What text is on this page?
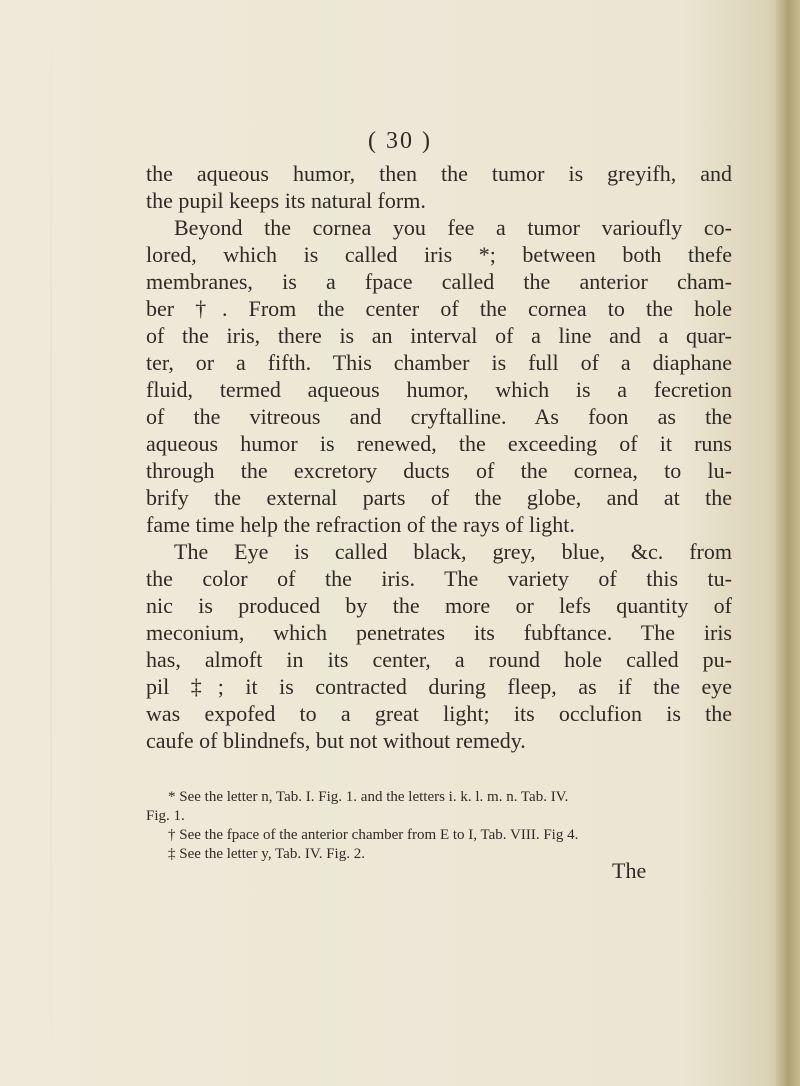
( 30 )
the aqueous humor, then the tumor is greyifh, and
the pupil keeps its natural form.
Beyond the cornea you fee a tumor varioufly co-
lored, which is called iris *; between both thefe
membranes, is a fpace called the anterior cham-
ber †. From the center of the cornea to the hole
of the iris, there is an interval of a line and a quar-
ter, or a fifth. This chamber is full of a diaphane
fluid, termed aqueous humor, which is a fecretion
of the vitreous and cryftalline. As foon as the
aqueous humor is renewed, the exceeding of it runs
through the excretory ducts of the cornea, to lu-
brify the external parts of the globe, and at the
fame time help the refraction of the rays of light.
The Eye is called black, grey, blue, &c. from
the color of the iris. The variety of this tu-
nic is produced by the more or lefs quantity of
meconium, which penetrates its fubftance. The iris
has, almoft in its center, a round hole called pu-
pil ‡; it is contracted during fleep, as if the eye
was expofed to a great light; its occlufion is the
caufe of blindnefs, but not without remedy.
* See the letter n, Tab. I. Fig. 1. and the letters i. k. l. m. n. Tab. IV.
Fig. 1.
† See the fpace of the anterior chamber from E to I, Tab. VIII. Fig 4.
‡ See the letter y, Tab. IV. Fig. 2.
The
